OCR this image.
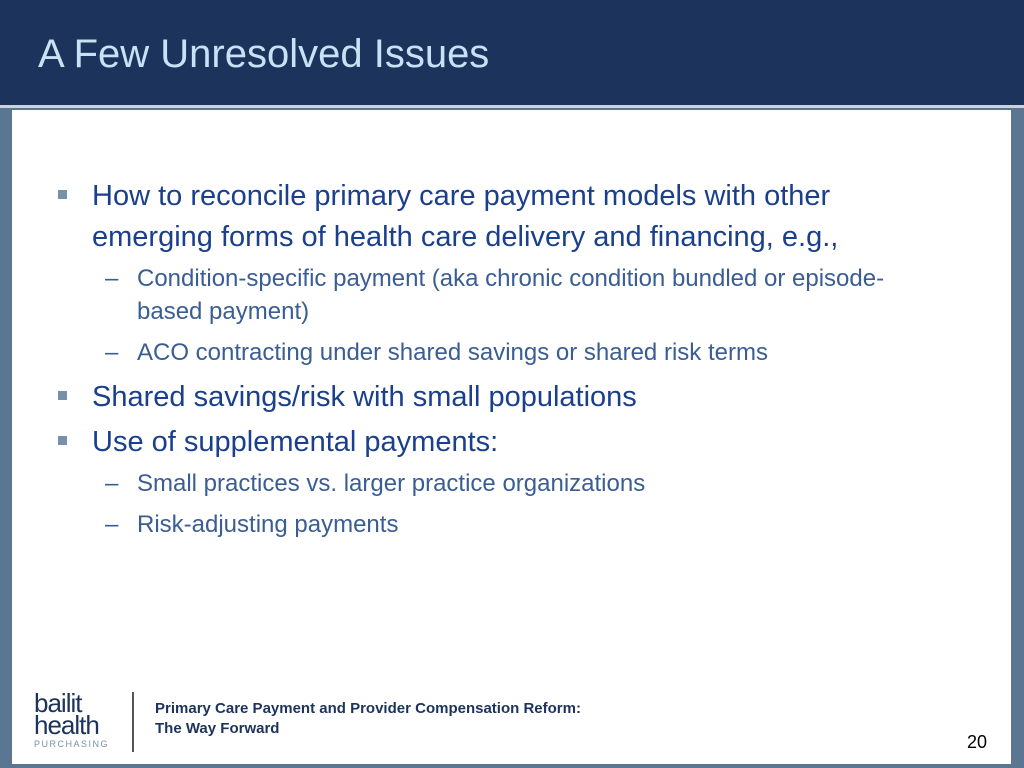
A Few Unresolved Issues
How to reconcile primary care payment models with other emerging forms of health care delivery and financing, e.g.,
– Condition-specific payment (aka chronic condition bundled or episode-based payment)
– ACO contracting under shared savings or shared risk terms
Shared savings/risk with small populations
Use of supplemental payments:
– Small practices vs. larger practice organizations
– Risk-adjusting payments
bailit
health
PURCHASING
Primary Care Payment and Provider Compensation Reform:
The Way Forward
20
